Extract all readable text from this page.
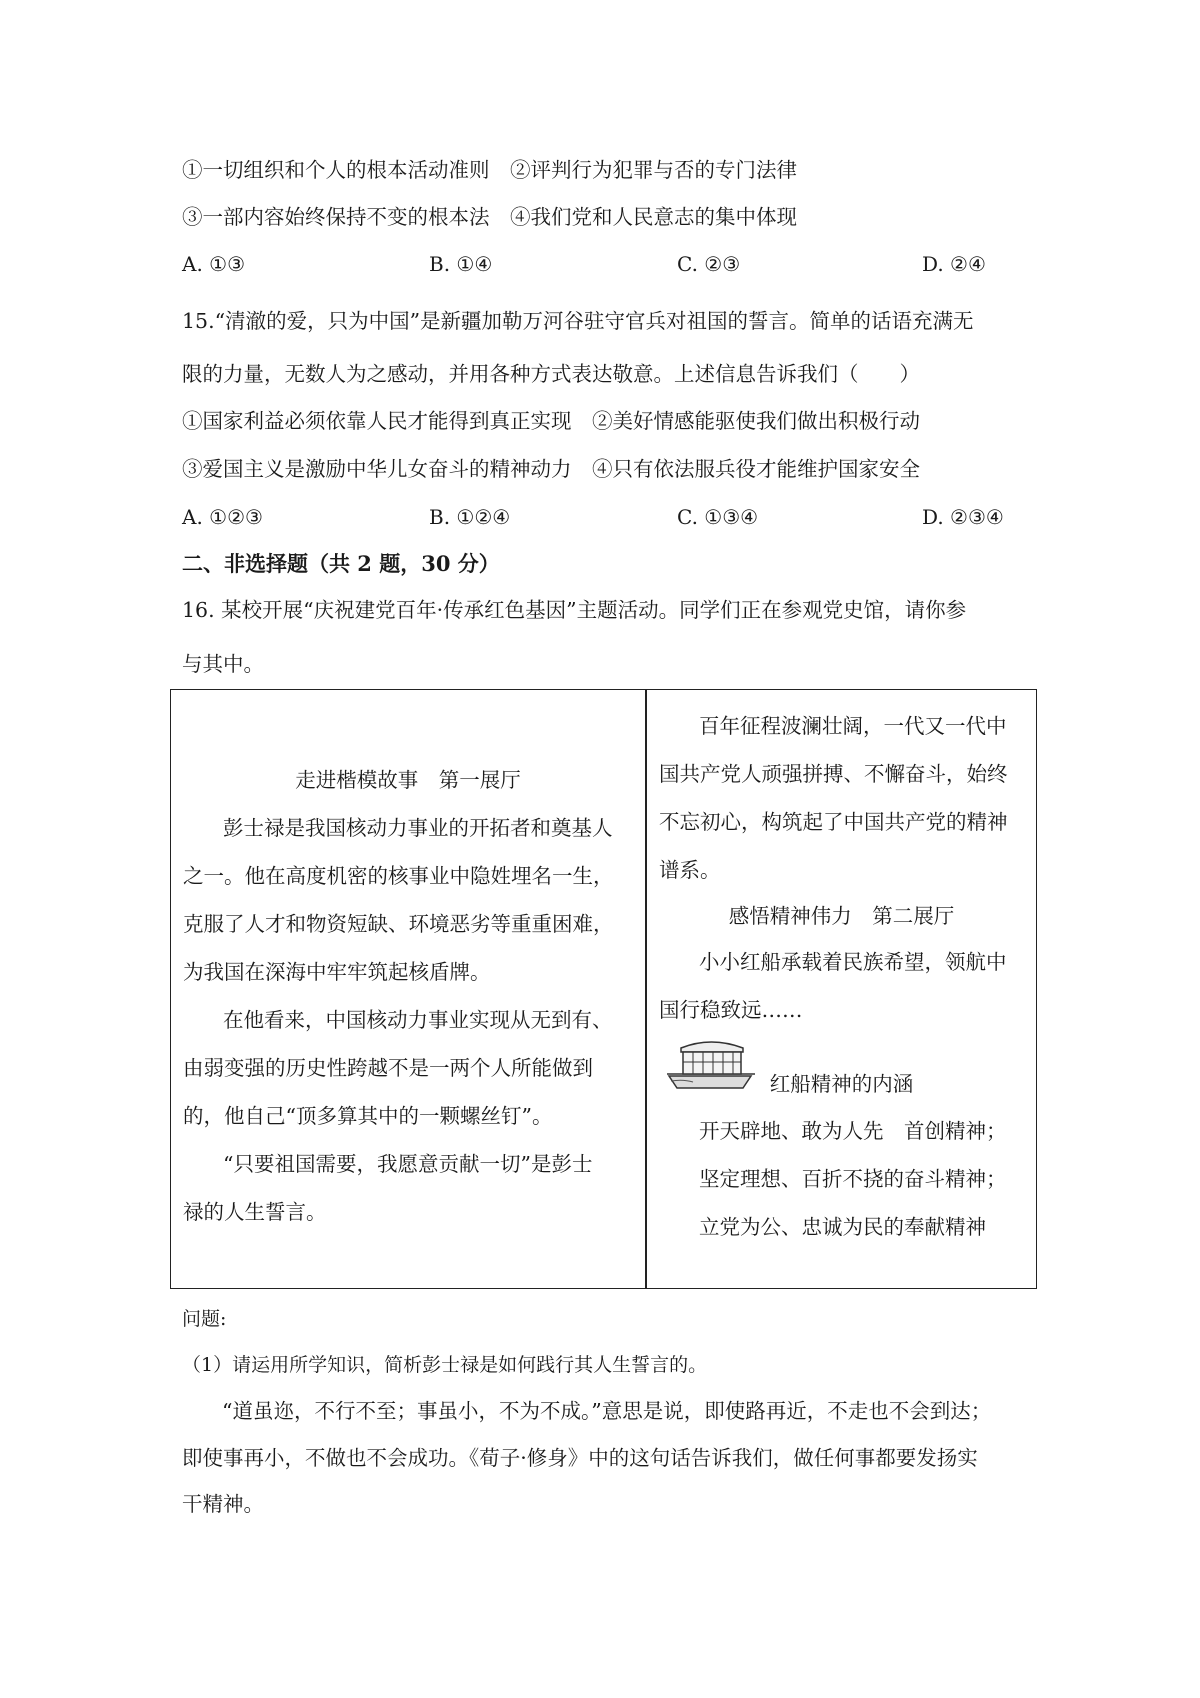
①一切组织和个人的根本活动准则　②评判行为犯罪与否的专门法律
③一部内容始终保持不变的根本法　④我们党和人民意志的集中体现
A. ①③	B. ①④	C. ②③	D. ②④
15.“清澈的爱，只为中国”是新疆加勒万河谷驻守官兵对祖国的誓言。简单的话语充满无
限的力量，无数人为之感动，并用各种方式表达敬意。上述信息告诉我们（　　）
①国家利益必须依靠人民才能得到真正实现　②美好情感能驱使我们做出积极行动
③爱国主义是激励中华儿女奋斗的精神动力　④只有依法服兵役才能维护国家安全
A. ①②③	B. ①②④	C. ①③④	D. ②③④
二、非选择题（共 2 题，30 分）
16. 某校开展“庆祝建党百年·传承红色基因”主题活动。同学们正在参观党史馆，请你参
与其中。

走进楷模故事　第一展厅

彭士禄是我国核动力事业的开拓者和奠基人

之一。他在高度机密的核事业中隐姓埋名一生，

克服了人才和物资短缺、环境恶劣等重重困难，

为我国在深海中牢牢筑起核盾牌。

在他看来，中国核动力事业实现从无到有、

由弱变强的历史性跨越不是一两个人所能做到

的，他自己“顶多算其中的一颗螺丝钉”。

“只要祖国需要，我愿意贡献一切”是彭士

禄的人生誓言。

百年征程波澜壮阔，一代又一代中

国共产党人顽强拼搏、不懈奋斗，始终

不忘初心，构筑起了中国共产党的精神

谱系。

感悟精神伟力　第二展厅

小小红船承载着民族希望，领航中

国行稳致远……

红船精神的内涵

开天辟地、敢为人先　首创精神；

坚定理想、百折不挠的奋斗精神；

立党为公、忠诚为民的奉献精神

问题:
（1）请运用所学知识，简析彭士禄是如何践行其人生誓言的。
“道虽迩，不行不至；事虽小，不为不成。”意思是说，即使路再近，不走也不会到达；
即使事再小，不做也不会成功。《荀子·修身》中的这句话告诉我们，做任何事都要发扬实
干精神。
